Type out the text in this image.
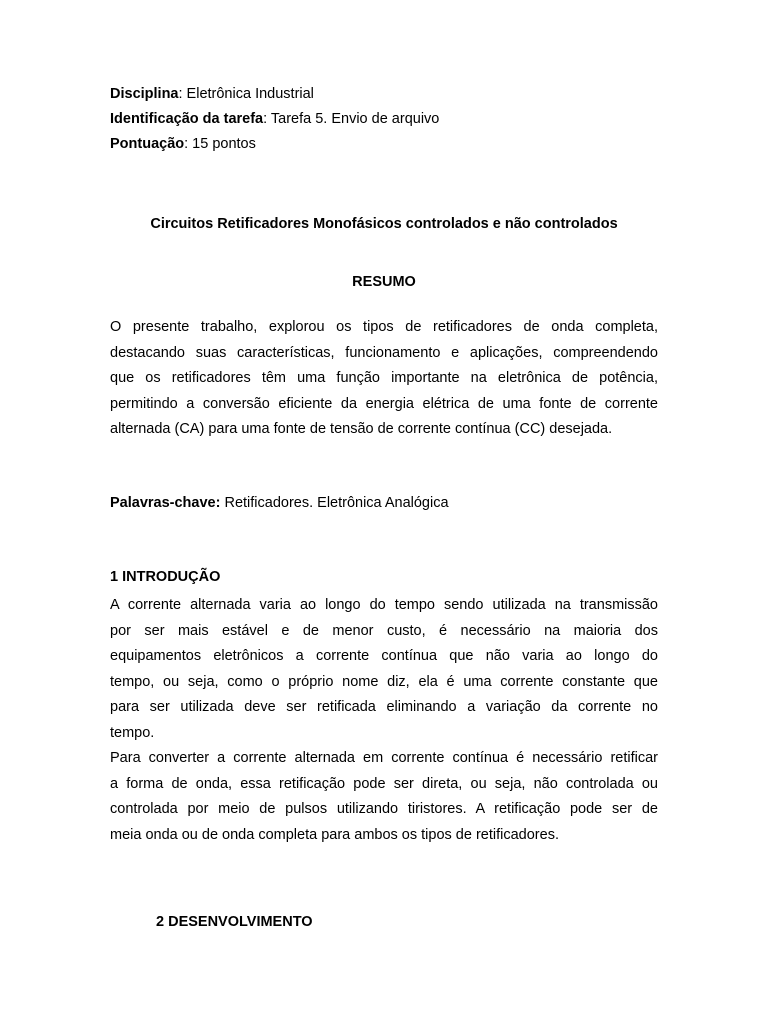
Disciplina: Eletrônica Industrial
Identificação da tarefa: Tarefa 5. Envio de arquivo
Pontuação: 15 pontos
Circuitos Retificadores Monofásicos controlados e não controlados
RESUMO
O presente trabalho, explorou os tipos de retificadores de onda completa,
destacando suas características, funcionamento e aplicações, compreendendo
que os retificadores têm uma função importante na eletrônica de potência,
permitindo a conversão eficiente da energia elétrica de uma fonte de corrente
alternada (CA) para uma fonte de tensão de corrente contínua (CC) desejada.
Palavras-chave: Retificadores. Eletrônica Analógica
1 INTRODUÇÃO
A corrente alternada varia ao longo do tempo sendo utilizada na transmissão
por ser mais estável e de menor custo, é necessário na maioria dos
equipamentos eletrônicos a corrente contínua que não varia ao longo do
tempo, ou seja, como o próprio nome diz, ela é uma corrente constante que
para ser utilizada deve ser retificada eliminando a variação da corrente no
tempo.
Para converter a corrente alternada em corrente contínua é necessário retificar
a forma de onda, essa retificação pode ser direta, ou seja, não controlada ou
controlada por meio de pulsos utilizando tiristores. A retificação pode ser de
meia onda ou de onda completa para ambos os tipos de retificadores.
2 DESENVOLVIMENTO
